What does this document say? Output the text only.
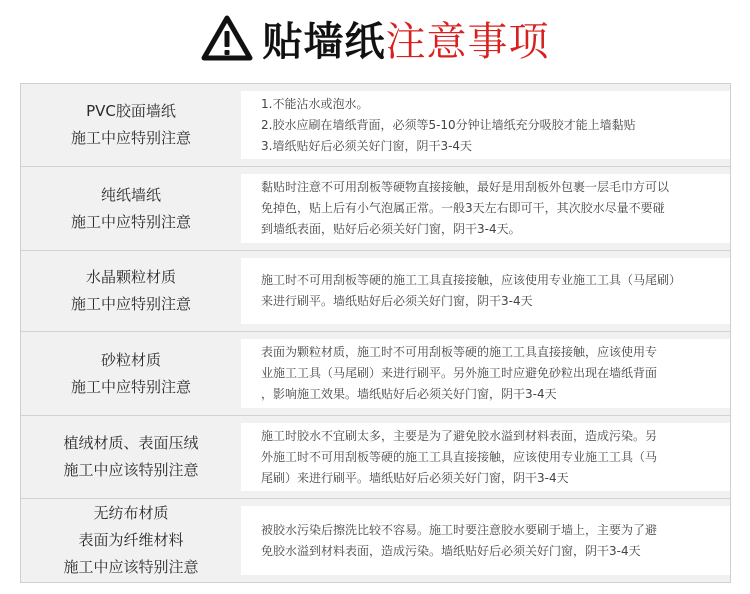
贴墙纸注意事项
PVC胶面墙纸
施工中应特别注意
1.不能沾水或泡水。
2.胶水应刷在墙纸背面，必须等5-10分钟让墙纸充分吸胶才能上墙黏贴
3.墙纸贴好后必须关好门窗，阴干3-4天
纯纸墙纸
施工中应特别注意
黏贴时注意不可用刮板等硬物直接接触，最好是用刮板外包裹一层毛巾方可以
免掉色，贴上后有小气泡属正常。一般3天左右即可干，其次胶水尽量不要碰
到墙纸表面，贴好后必须关好门窗，阴干3-4天。
水晶颗粒材质
施工中应特别注意
施工时不可用刮板等硬的施工工具直接接触，应该使用专业施工工具（马尾刷）
来进行刷平。墙纸贴好后必须关好门窗，阴干3-4天
砂粒材质
施工中应特别注意
表面为颗粒材质，施工时不可用刮板等硬的施工工具直接接触，应该使用专
业施工工具（马尾刷）来进行刷平。另外施工时应避免砂粒出现在墙纸背面
，影响施工效果。墙纸贴好后必须关好门窗，阴干3-4天
植绒材质、表面压绒
施工中应该特别注意
施工时胶水不宜刷太多，主要是为了避免胶水溢到材料表面，造成污染。另
外施工时不可用刮板等硬的施工工具直接接触，应该使用专业施工工具（马
尾刷）来进行刷平。墙纸贴好后必须关好门窗，阴干3-4天
无纺布材质
表面为纤维材料
施工中应该特别注意
被胶水污染后擦洗比较不容易。施工时要注意胶水要刷于墙上，主要为了避
免胶水溢到材料表面，造成污染。墙纸贴好后必须关好门窗，阴干3-4天
